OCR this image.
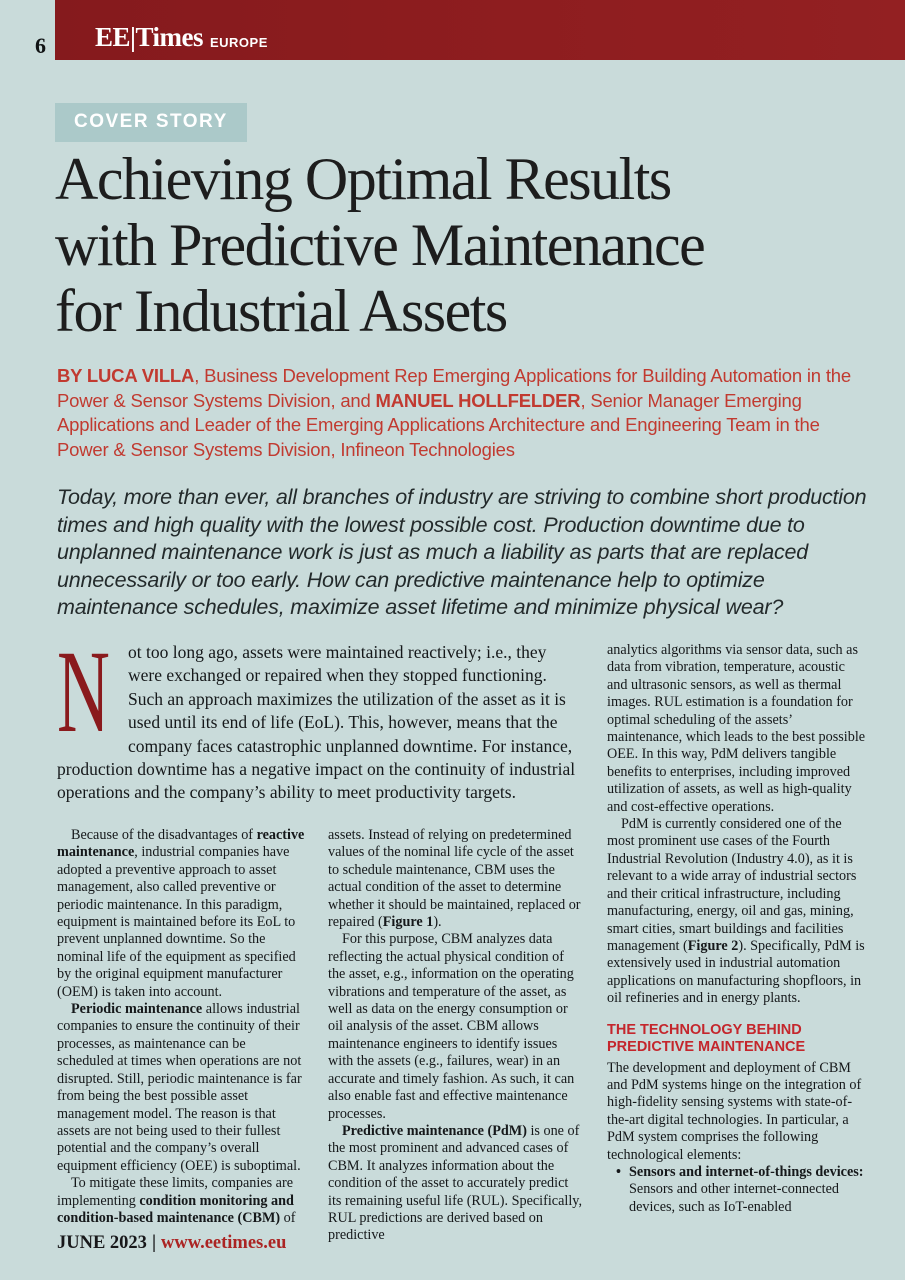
6 EE|Times EUROPE
COVER STORY
Achieving Optimal Results
with Predictive Maintenance
for Industrial Assets
BY LUCA VILLA, Business Development Rep Emerging Applications for Building Automation in the Power & Sensor Systems Division, and MANUEL HOLLFELDER, Senior Manager Emerging Applications and Leader of the Emerging Applications Architecture and Engineering Team in the Power & Sensor Systems Division, Infineon Technologies
Today, more than ever, all branches of industry are striving to combine short production times and high quality with the lowest possible cost. Production downtime due to unplanned maintenance work is just as much a liability as parts that are replaced unnecessarily or too early. How can predictive maintenance help to optimize maintenance schedules, maximize asset lifetime and minimize physical wear?
N ot too long ago, assets were maintained reactively; i.e., they were exchanged or repaired when they stopped functioning. Such an approach maximizes the utilization of the asset as it is used until its end of life (EoL). This, however, means that the company faces catastrophic unplanned downtime. For instance, production downtime has a negative impact on the continuity of industrial operations and the company’s ability to meet productivity targets.

Because of the disadvantages of reactive maintenance, industrial companies have adopted a preventive approach to asset management, also called preventive or periodic maintenance. In this paradigm, equipment is maintained before its EoL to prevent unplanned downtime. So the nominal life of the equipment as specified by the original equipment manufacturer (OEM) is taken into account.

Periodic maintenance allows industrial companies to ensure the continuity of their processes, as maintenance can be scheduled at times when operations are not disrupted. Still, periodic maintenance is far from being the best possible asset management model. The reason is that assets are not being used to their fullest potential and the company’s overall equipment efficiency (OEE) is suboptimal.

To mitigate these limits, companies are implementing condition monitoring and condition-based maintenance (CBM) of

assets. Instead of relying on predetermined values of the nominal life cycle of the asset to schedule maintenance, CBM uses the actual condition of the asset to determine whether it should be maintained, replaced or repaired (Figure 1).

For this purpose, CBM analyzes data reflecting the actual physical condition of the asset, e.g., information on the operating vibrations and temperature of the asset, as well as data on the energy consumption or oil analysis of the asset. CBM allows maintenance engineers to identify issues with the assets (e.g., failures, wear) in an accurate and timely fashion. As such, it can also enable fast and effective maintenance processes.

Predictive maintenance (PdM) is one of the most prominent and advanced cases of CBM. It analyzes information about the condition of the asset to accurately predict its remaining useful life (RUL). Specifically, RUL predictions are derived based on predictive

analytics algorithms via sensor data, such as data from vibration, temperature, acoustic and ultrasonic sensors, as well as thermal images. RUL estimation is a foundation for optimal scheduling of the assets’ maintenance, which leads to the best possible OEE. In this way, PdM delivers tangible benefits to enterprises, including improved utilization of assets, as well as high-quality and cost-effective operations.

PdM is currently considered one of the most prominent use cases of the Fourth Industrial Revolution (Industry 4.0), as it is relevant to a wide array of industrial sectors and their critical infrastructure, including manufacturing, energy, oil and gas, mining, smart cities, smart buildings and facilities management (Figure 2). Specifically, PdM is extensively used in industrial automation applications on manufacturing shopfloors, in oil refineries and in energy plants.

THE TECHNOLOGY BEHIND PREDICTIVE MAINTENANCE

The development and deployment of CBM and PdM systems hinge on the integration of high-fidelity sensing systems with state-of-the-art digital technologies. In particular, a PdM system comprises the following technological elements:

• Sensors and internet-of-things devices: Sensors and other internet-connected devices, such as IoT-enabled

JUNE 2023 | www.eetimes.eu
